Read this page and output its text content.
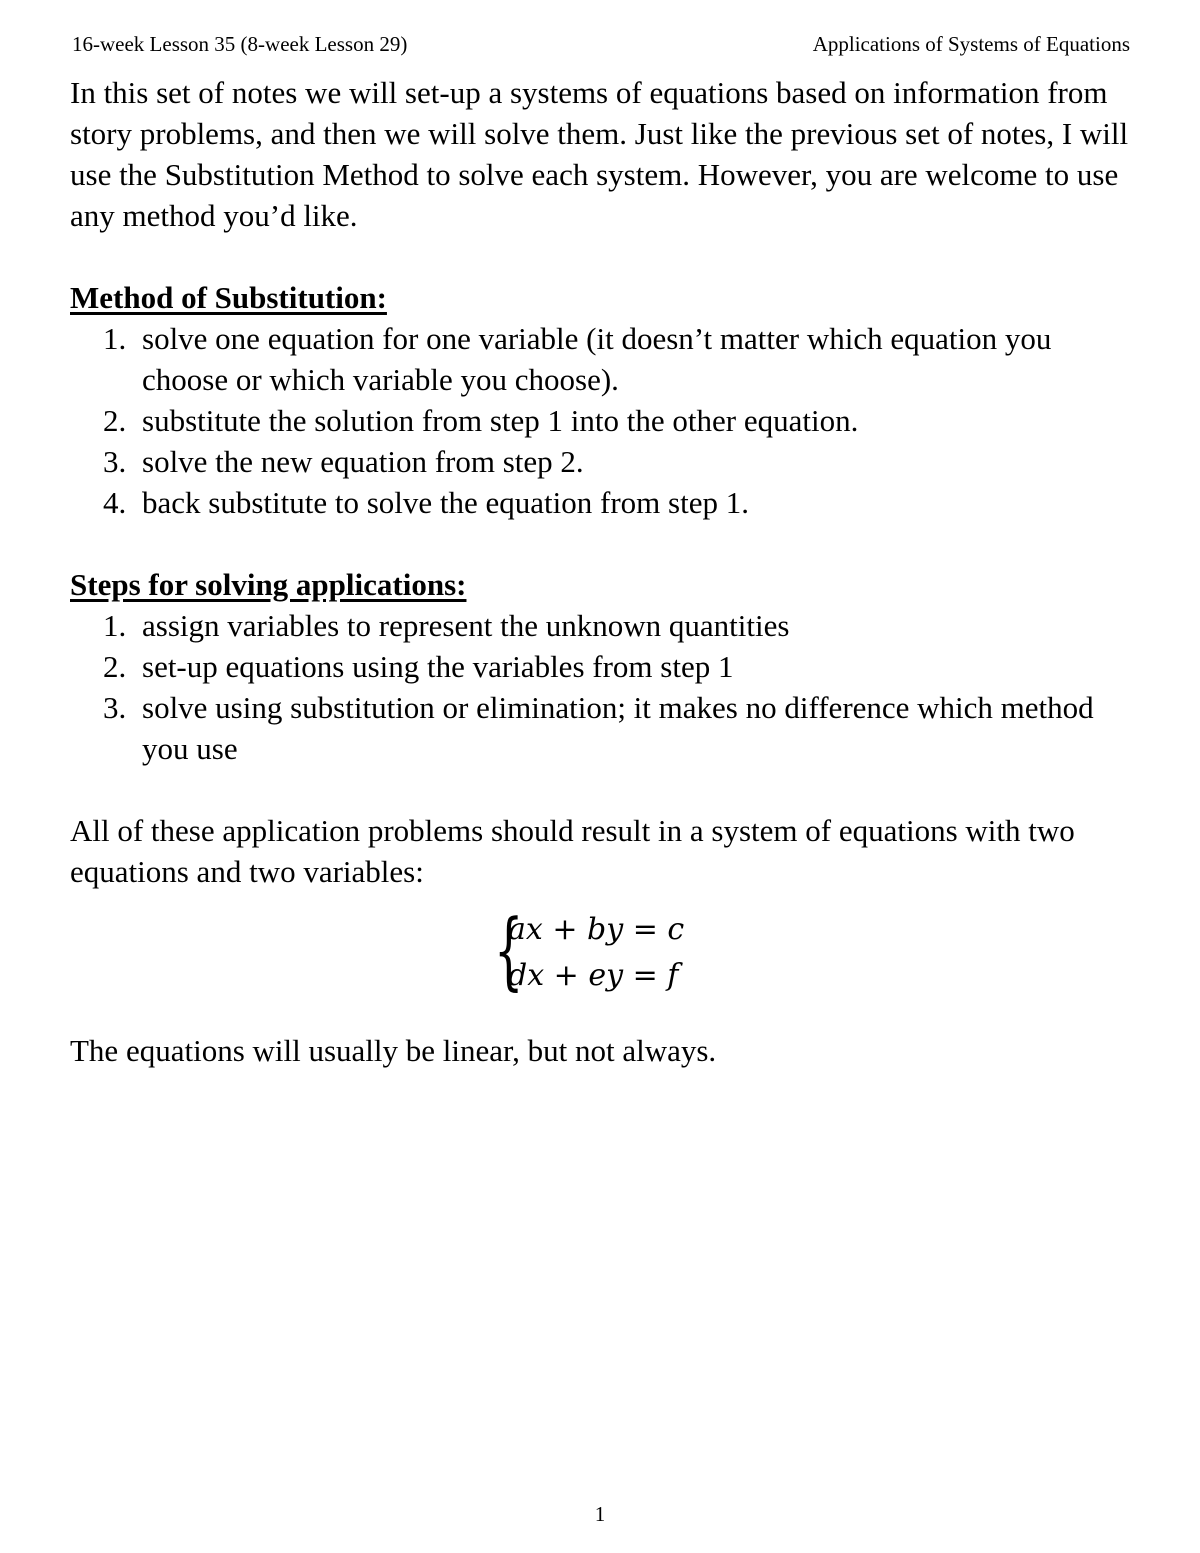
16-week Lesson 35 (8-week Lesson 29)	Applications of Systems of Equations

In this set of notes we will set-up a systems of equations based on information from story problems, and then we will solve them. Just like the previous set of notes, I will use the Substitution Method to solve each system. However, you are welcome to use any method you’d like.

Method of Substitution:

1. solve one equation for one variable (it doesn’t matter which equation you choose or which variable you choose).
2. substitute the solution from step 1 into the other equation.
3. solve the new equation from step 2.
4. back substitute to solve the equation from step 1.

Steps for solving applications:

1. assign variables to represent the unknown quantities
2. set-up equations using the variables from step 1
3. solve using substitution or elimination; it makes no difference which method you use

All of these application problems should result in a system of equations with two equations and two variables:

{
ax + by = c
dx + ey = f

The equations will usually be linear, but not always.

1
